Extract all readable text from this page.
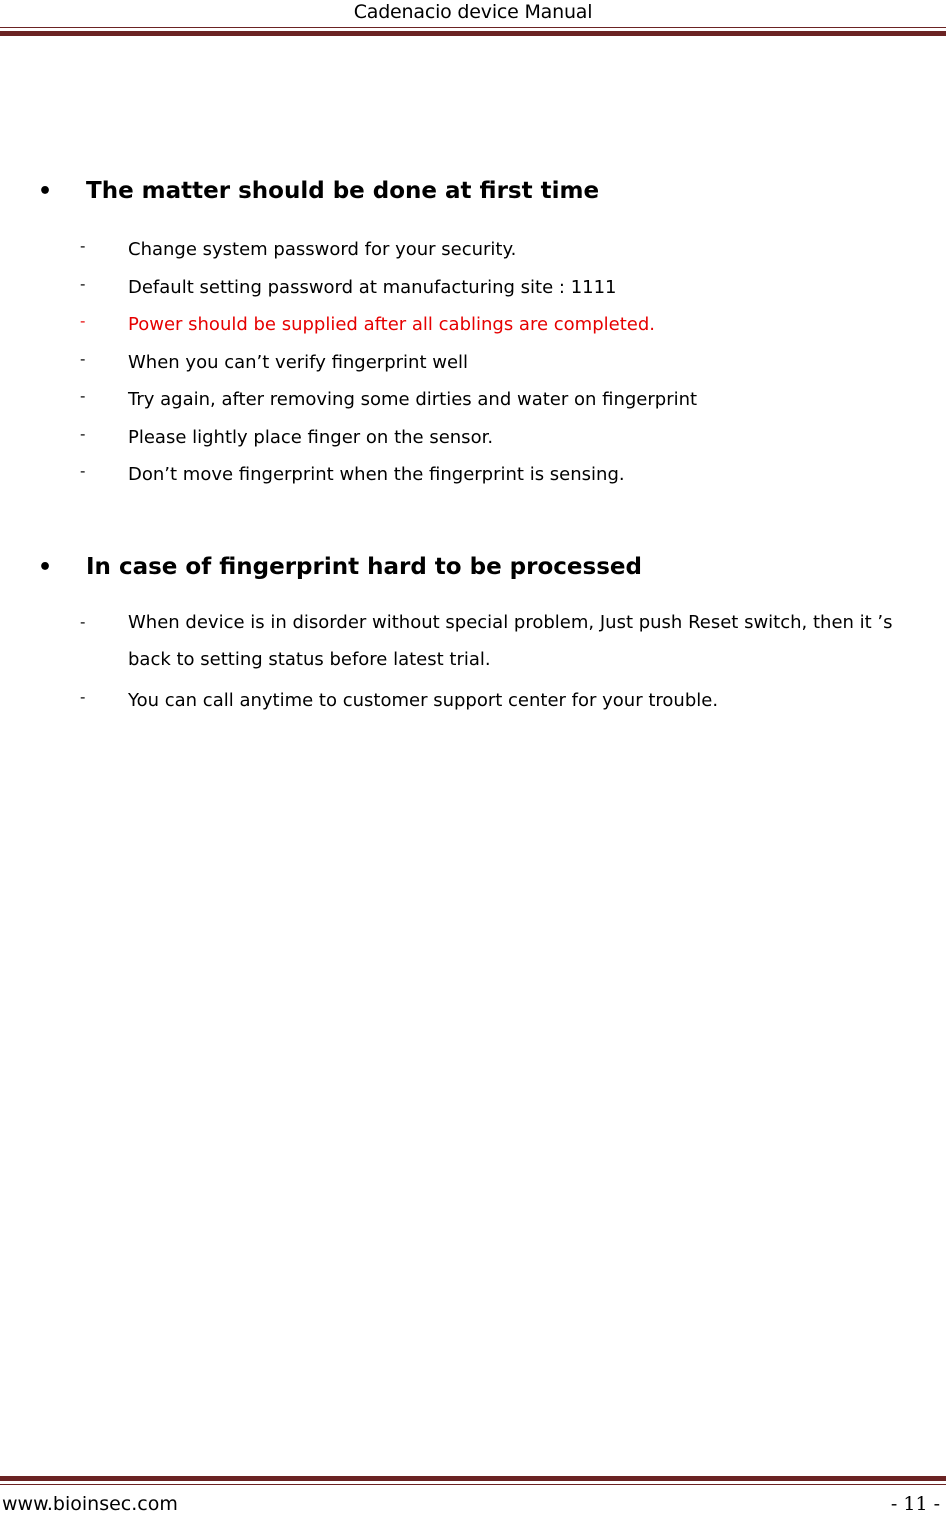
Cadenacio device Manual
• The matter should be done at first time
- Change system password for your security.
- Default setting password at manufacturing site : 1111
- Power should be supplied after all cablings are completed.
- When you can’t verify fingerprint well
- Try again, after removing some dirties and water on fingerprint
- Please lightly place finger on the sensor.
- Don’t move fingerprint when the fingerprint is sensing.
• In case of fingerprint hard to be processed
- When device is in disorder without special problem, Just push Reset switch, then it ’s back to setting status before latest trial.
- You can call anytime to customer support center for your trouble.
www.bioinsec.com	- 11 -
